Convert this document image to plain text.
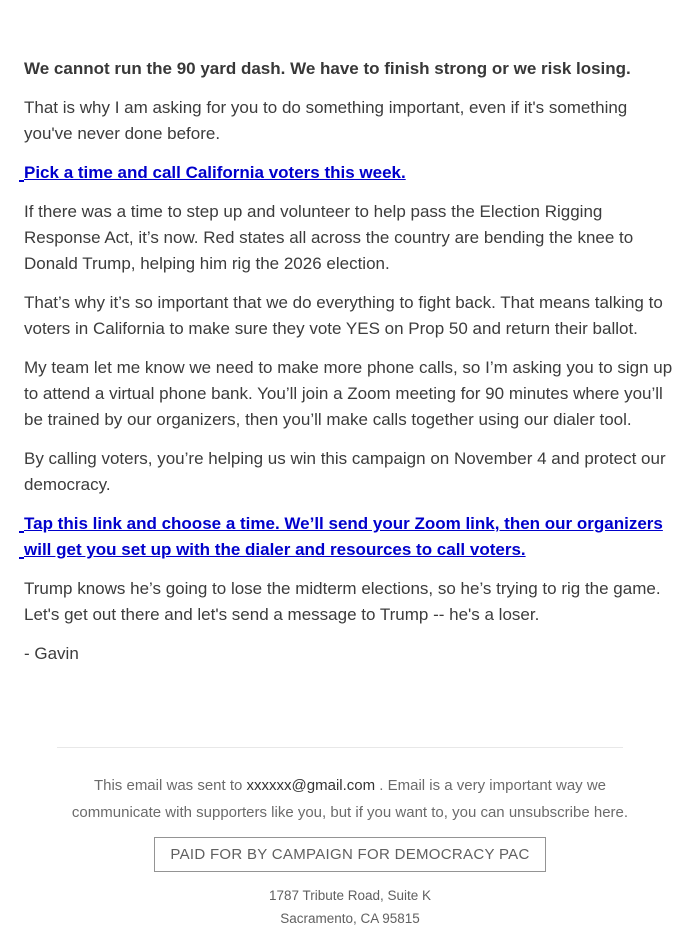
We cannot run the 90 yard dash. We have to finish strong or we risk losing.
That is why I am asking for you to do something important, even if it's something
you've never done before.
Pick a time and call California voters this week.
If there was a time to step up and volunteer to help pass the Election Rigging
Response Act, it’s now. Red states all across the country are bending the knee to
Donald Trump, helping him rig the 2026 election.
That’s why it’s so important that we do everything to fight back. That means talking to
voters in California to make sure they vote YES on Prop 50 and return their ballot.
My team let me know we need to make more phone calls, so I’m asking you to sign up
to attend a virtual phone bank. You’ll join a Zoom meeting for 90 minutes where you’ll
be trained by our organizers, then you’ll make calls together using our dialer tool.
By calling voters, you’re helping us win this campaign on November 4 and protect our
democracy.
Tap this link and choose a time. We’ll send your Zoom link, then our organizers
will get you set up with the dialer and resources to call voters.
Trump knows he’s going to lose the midterm elections, so he’s trying to rig the game.
Let's get out there and let's send a message to Trump -- he's a loser.
- Gavin
This email was sent to xxxxxx@gmail.com . Email is a very important way we
communicate with supporters like you, but if you want to, you can unsubscribe here.
PAID FOR BY CAMPAIGN FOR DEMOCRACY PAC
1787 Tribute Road, Suite K
Sacramento, CA 95815
